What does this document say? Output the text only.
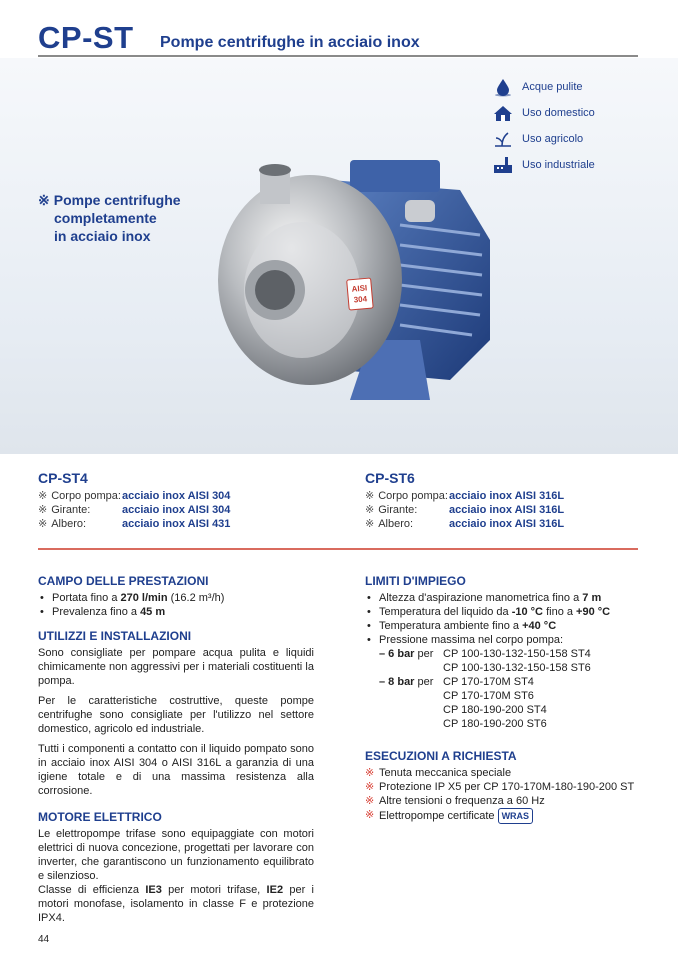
CP-ST Pompe centrifughe in acciaio inox
Acque pulite
Uso domestico
Uso agricolo
Uso industriale
※ Pompe centrifughe
completamente
in acciaio inox
AISI
304
CP-ST4
※ Corpo pompa: acciaio inox AISI 304
※ Girante:	acciaio inox AISI 304
※ Albero:	acciaio inox AISI 431
CP-ST6
※ Corpo pompa: acciaio inox AISI 316L
※ Girante:	acciaio inox AISI 316L
※ Albero:	acciaio inox AISI 316L
CAMPO DELLE PRESTAZIONI
• Portata fino a 270 l/min (16.2 m³/h)
• Prevalenza fino a 45 m
UTILIZZI E INSTALLAZIONI

Sono consigliate per pompare acqua pulita e liquidi chimicamente non aggressivi per i materiali costituenti la pompa.

Per le caratteristiche costruttive, queste pompe centrifughe sono consigliate per l'utilizzo nel settore domestico, agricolo ed industriale.

Tutti i componenti a contatto con il liquido pompato sono in acciaio inox AISI 304 o AISI 316L a garanzia di una igiene totale e di una massima resistenza alla corrosione.

MOTORE ELETTRICO

Le elettropompe trifase sono equipaggiate con motori elettrici di nuova concezione, progettati per lavorare con inverter, che garantiscono un funzionamento equilibrato e silenzioso.

Classe di efficienza IE3 per motori trifase, IE2 per i motori monofase, isolamento in classe F e protezione IPX4.

LIMITI D'IMPIEGO
• Altezza d'aspirazione manometrica fino a 7 m
• Temperatura del liquido da -10 °C fino a +90 °C
• Temperatura ambiente fino a +40 °C
• Pressione massima nel corpo pompa:
– 6 bar per CP 100-130-132-150-158 ST4
CP 100-130-132-150-158 ST6
– 8 bar per CP 170-170M ST4
CP 170-170M ST6
CP 180-190-200 ST4
CP 180-190-200 ST6
ESECUZIONI A RICHIESTA
※ Tenuta meccanica speciale
※ Protezione IP X5 per CP 170-170M-180-190-200 ST
※ Altre tensioni o frequenza a 60 Hz
※ Elettropompe certificate WRAS
44
